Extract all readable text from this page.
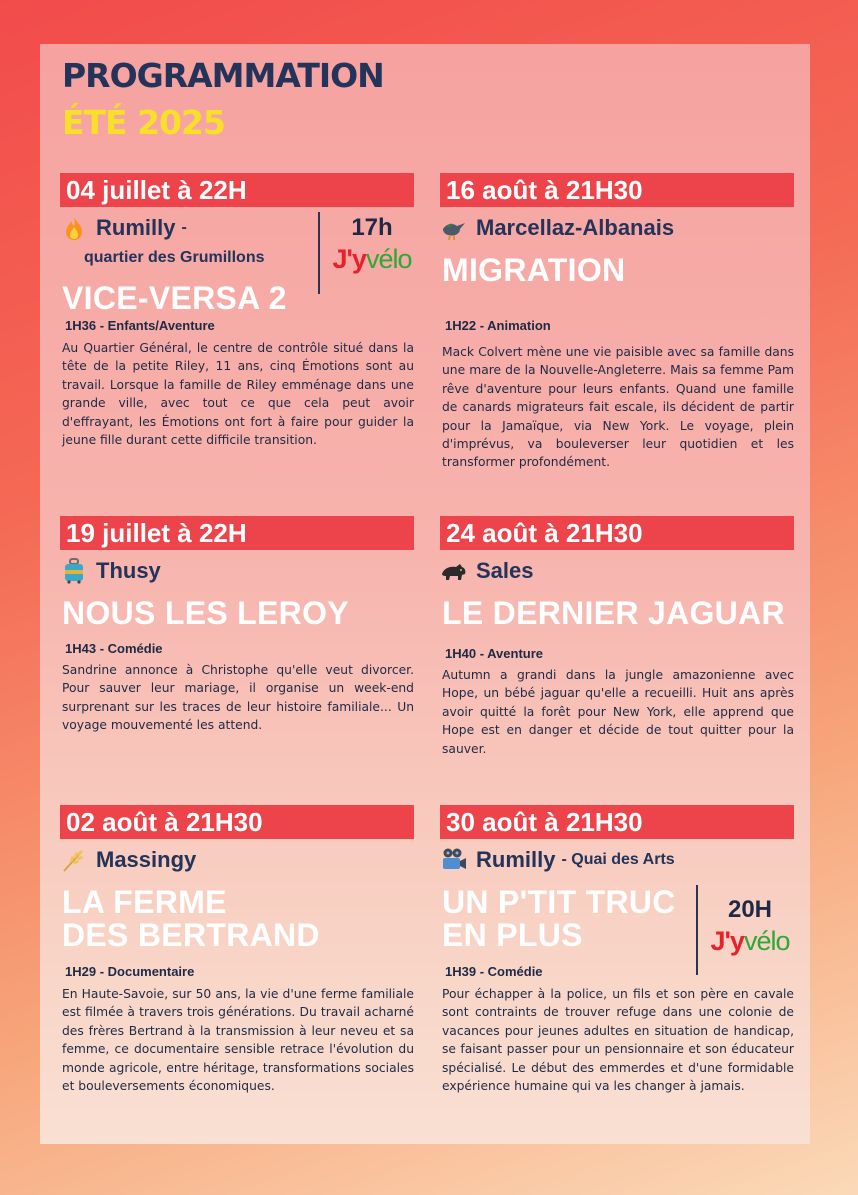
PROGRAMMATION
ÉTÉ 2025
04 juillet à 22H
Rumilly -
quartier des Grumillons
VICE-VERSA 2
1H36 - Enfants/Aventure
Au Quartier Général, le centre de contrôle situé dans la tête de la petite Riley, 11 ans, cinq Émotions sont au travail. Lorsque la famille de Riley emménage dans une grande ville, avec tout ce que cela peut avoir d'effrayant, les Émotions ont fort à faire pour guider la jeune fille durant cette difficile transition.
17h
J'yvélo
16 août à 21H30
Marcellaz-Albanais
MIGRATION
1H22 - Animation
Mack Colvert mène une vie paisible avec sa famille dans une mare de la Nouvelle-Angleterre. Mais sa femme Pam rêve d'aventure pour leurs enfants. Quand une famille de canards migrateurs fait escale, ils décident de partir pour la Jamaïque, via New York. Le voyage, plein d'imprévus, va bouleverser leur quotidien et les transformer profondément.
19 juillet à 22H
Thusy
NOUS LES LEROY
1H43 - Comédie
Sandrine annonce à Christophe qu'elle veut divorcer. Pour sauver leur mariage, il organise un week-end surprenant sur les traces de leur histoire familiale... Un voyage mouvementé les attend.
24 août à 21H30
Sales
LE DERNIER JAGUAR
1H40 - Aventure
Autumn a grandi dans la jungle amazonienne avec Hope, un bébé jaguar qu'elle a recueilli. Huit ans après avoir quitté la forêt pour New York, elle apprend que Hope est en danger et décide de tout quitter pour la sauver.
02 août à 21H30
Massingy
LA FERME
DES BERTRAND
1H29 - Documentaire
En Haute-Savoie, sur 50 ans, la vie d'une ferme familiale est filmée à travers trois générations. Du travail acharné des frères Bertrand à la transmission à leur neveu et sa femme, ce documentaire sensible retrace l'évolution du monde agricole, entre héritage, transformations sociales et bouleversements économiques.
30 août à 21H30
Rumilly - Quai des Arts
UN P'TIT TRUC
EN PLUS
1H39 - Comédie
Pour échapper à la police, un fils et son père en cavale sont contraints de trouver refuge dans une colonie de vacances pour jeunes adultes en situation de handicap, se faisant passer pour un pensionnaire et son éducateur spécialisé. Le début des emmerdes et d'une formidable expérience humaine qui va les changer à jamais.
20H
J'yvélo
